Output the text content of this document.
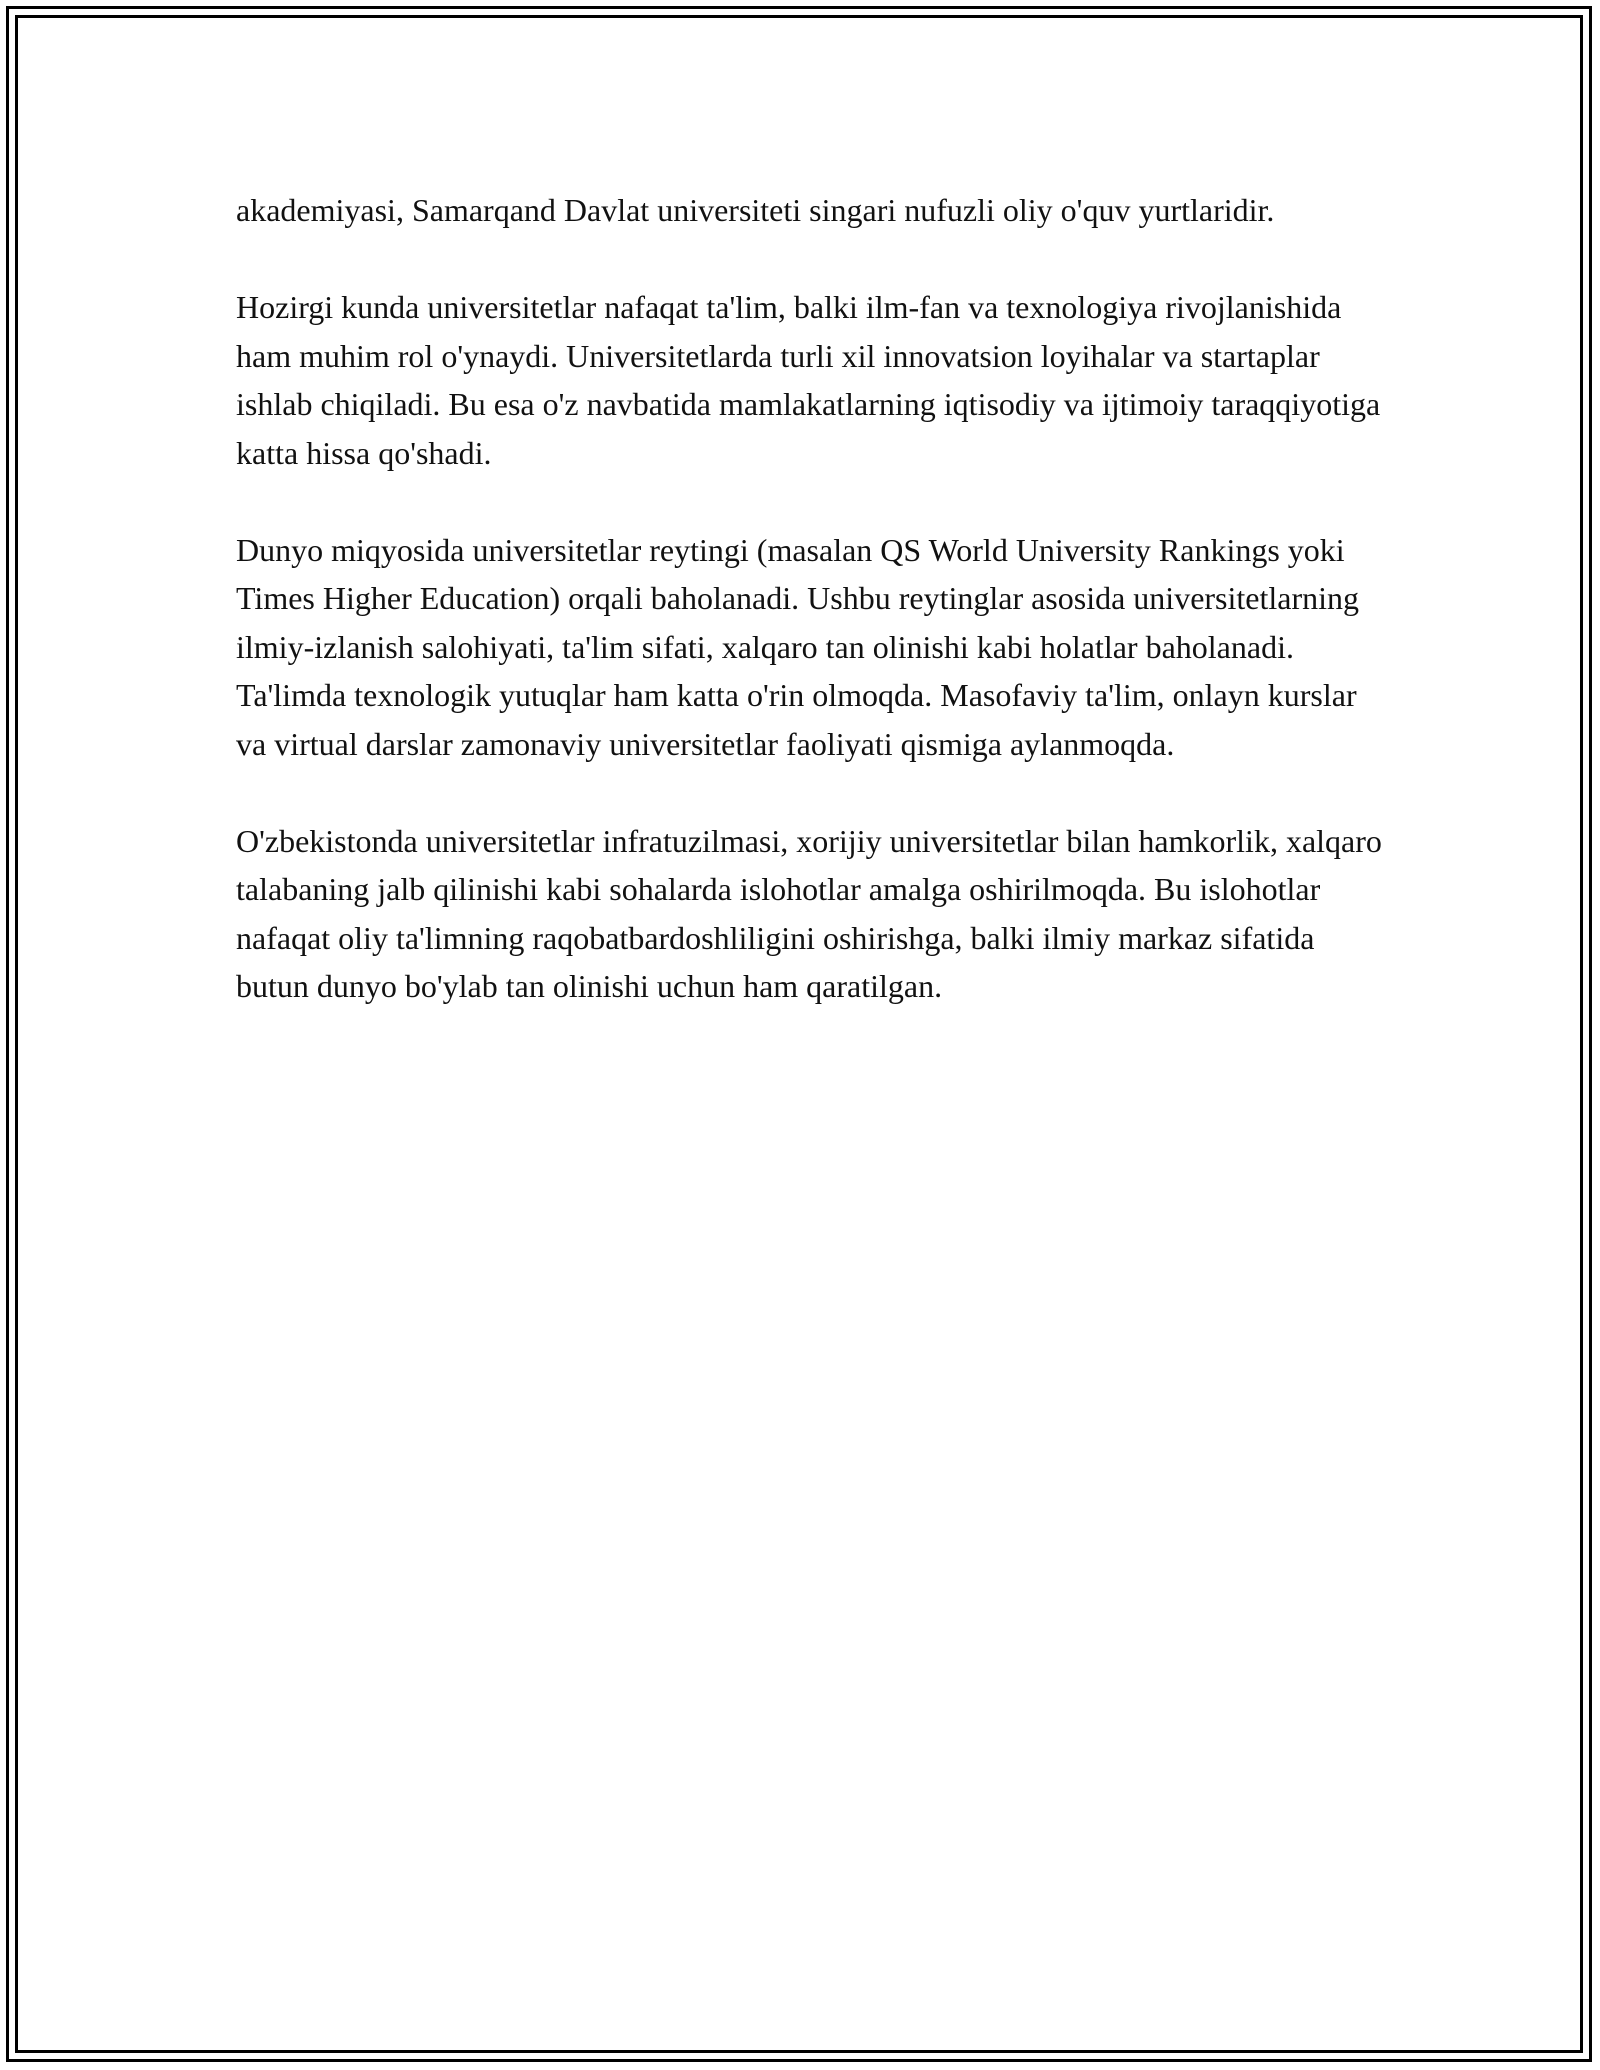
akademiyasi, Samarqand Davlat universiteti singari nufuzli oliy o'quv yurtlaridir.

Hozirgi kunda universitetlar nafaqat ta'lim, balki ilm-fan va texnologiya rivojlanishida ham muhim rol o'ynaydi. Universitetlarda turli xil innovatsion loyihalar va startaplar ishlab chiqiladi. Bu esa o'z navbatida mamlakatlarning iqtisodiy va ijtimoiy taraqqiyotiga katta hissa qo'shadi.

Dunyo miqyosida universitetlar reytingi (masalan QS World University Rankings yoki Times Higher Education) orqali baholanadi. Ushbu reytinglar asosida universitetlarning ilmiy-izlanish salohiyati, ta'lim sifati, xalqaro tan olinishi kabi holatlar baholanadi. Ta'limda texnologik yutuqlar ham katta o'rin olmoqda. Masofaviy ta'lim, onlayn kurslar va virtual darslar zamonaviy universitetlar faoliyati qismiga aylanmoqda.

O'zbekistonda universitetlar infratuzilmasi, xorijiy universitetlar bilan hamkorlik, xalqaro talabaning jalb qilinishi kabi sohalarda islohotlar amalga oshirilmoqda. Bu islohotlar nafaqat oliy ta'limning raqobatbardoshliligini oshirishga, balki ilmiy markaz sifatida butun dunyo bo'ylab tan olinishi uchun ham qaratilgan.
